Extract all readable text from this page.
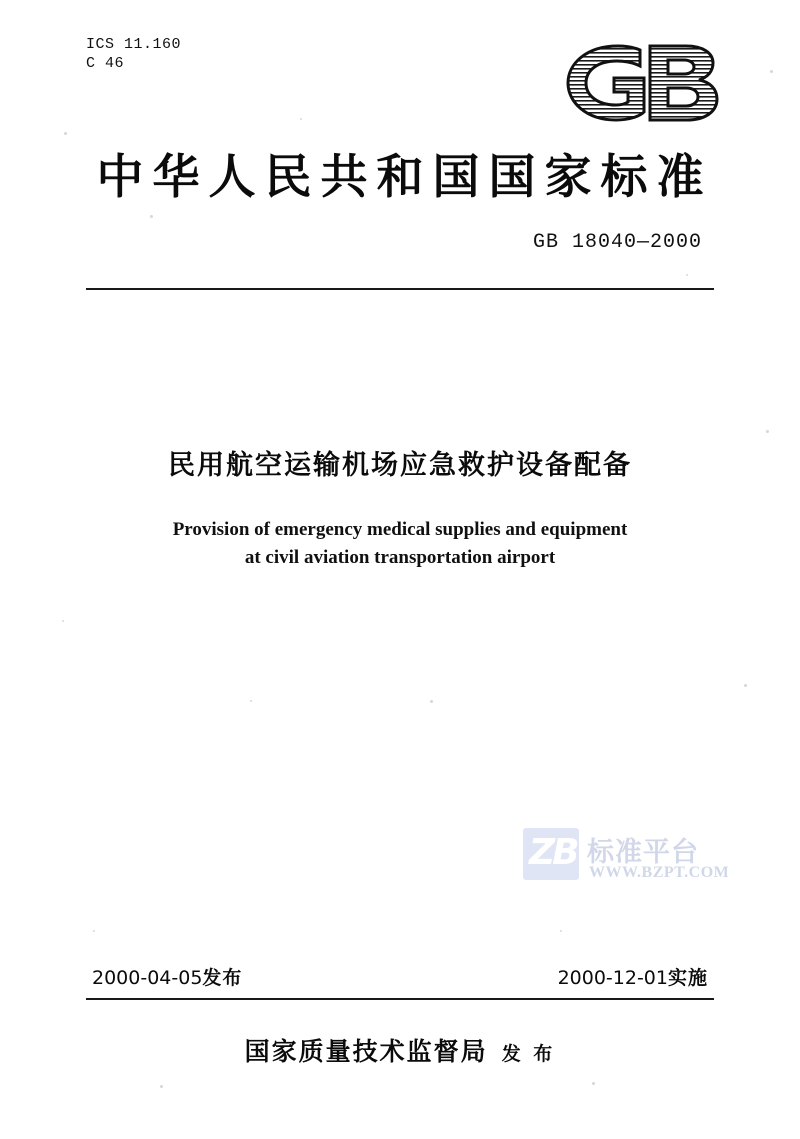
ICS 11.160
C 46
中华人民共和国国家标准
GB 18040—2000
民用航空运输机场应急救护设备配备
Provision of emergency medical supplies and equipment
at civil aviation transportation airport
ZB 标准平台
WWW.BZPT.COM
2000-04-05发布	2000-12-01实施
国家质量技术监督局 发 布
